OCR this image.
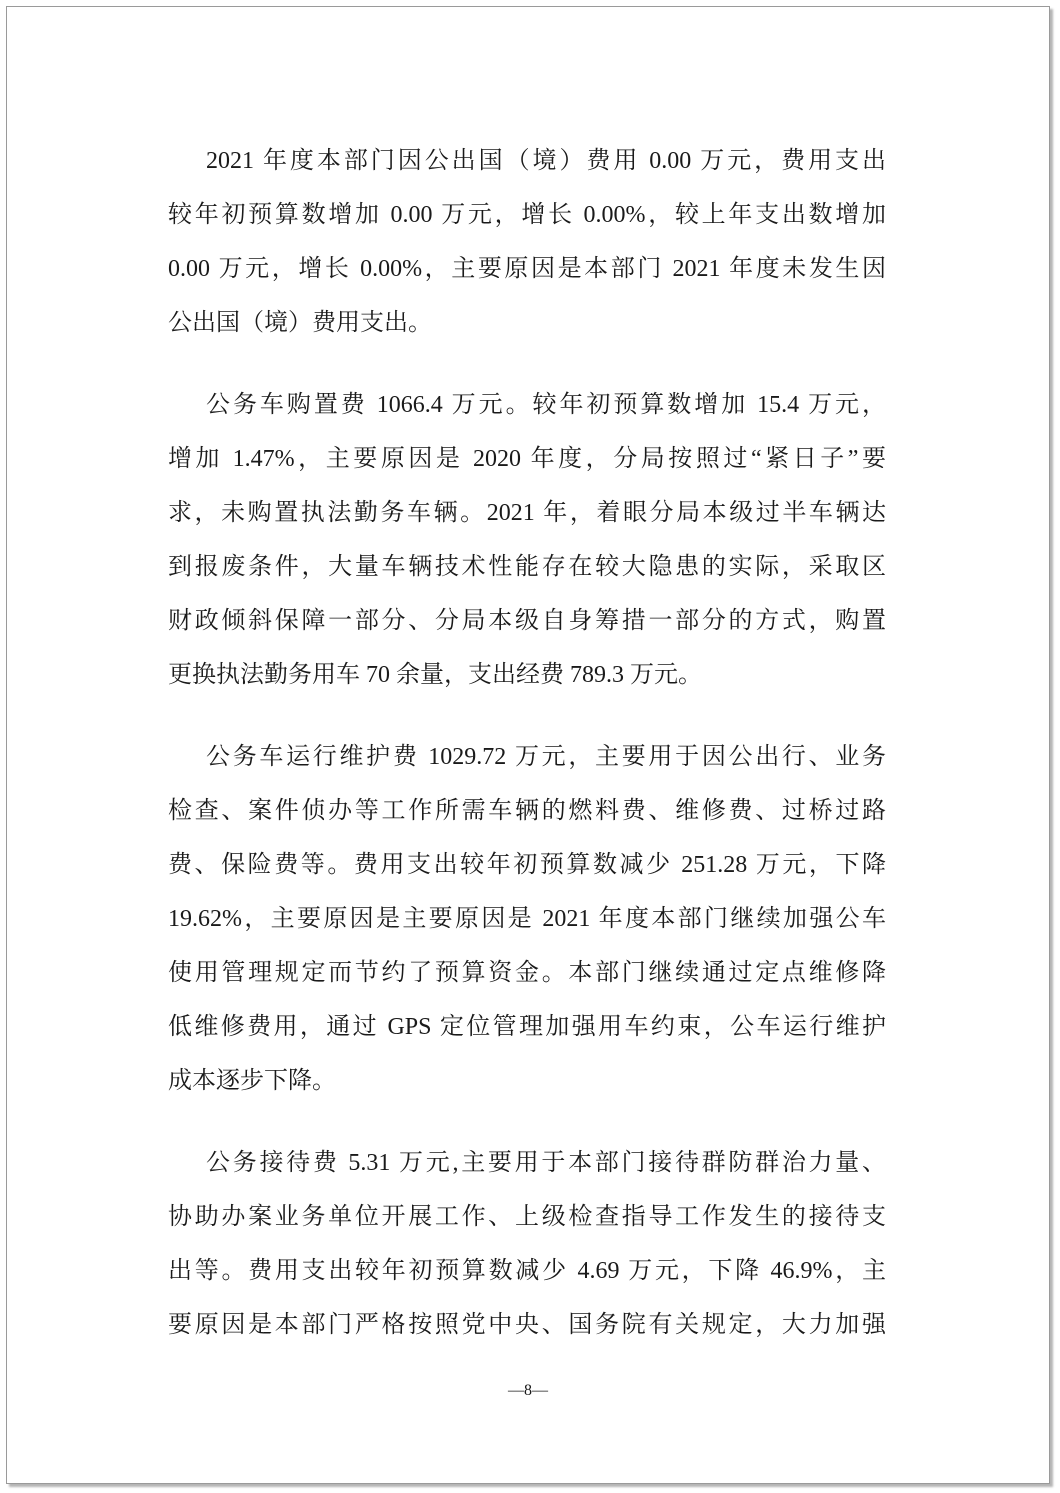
2021 年度本部门因公出国（境）费用 0.00 万元，费用支出
较年初预算数增加 0.00 万元，增长 0.00%，较上年支出数增加
0.00 万元，增长 0.00%，主要原因是本部门 2021 年度未发生因
公出国（境）费用支出。
公务车购置费 1066.4 万元。较年初预算数增加 15.4 万元，
增加 1.47%，主要原因是 2020 年度，分局按照过“紧日子”要
求，未购置执法勤务车辆。2021 年，着眼分局本级过半车辆达
到报废条件，大量车辆技术性能存在较大隐患的实际，采取区
财政倾斜保障一部分、分局本级自身筹措一部分的方式，购置
更换执法勤务用车 70 余量，支出经费 789.3 万元。
公务车运行维护费 1029.72 万元，主要用于因公出行、业务
检查、案件侦办等工作所需车辆的燃料费、维修费、过桥过路
费、保险费等。费用支出较年初预算数减少 251.28 万元，下降
19.62%，主要原因是主要原因是 2021 年度本部门继续加强公车
使用管理规定而节约了预算资金。本部门继续通过定点维修降
低维修费用，通过 GPS 定位管理加强用车约束，公车运行维护
成本逐步下降。
公务接待费 5.31 万元,主要用于本部门接待群防群治力量、
协助办案业务单位开展工作、上级检查指导工作发生的接待支
出等。费用支出较年初预算数减少 4.69 万元，下降 46.9%，主
要原因是本部门严格按照党中央、国务院有关规定，大力加强
—8—
